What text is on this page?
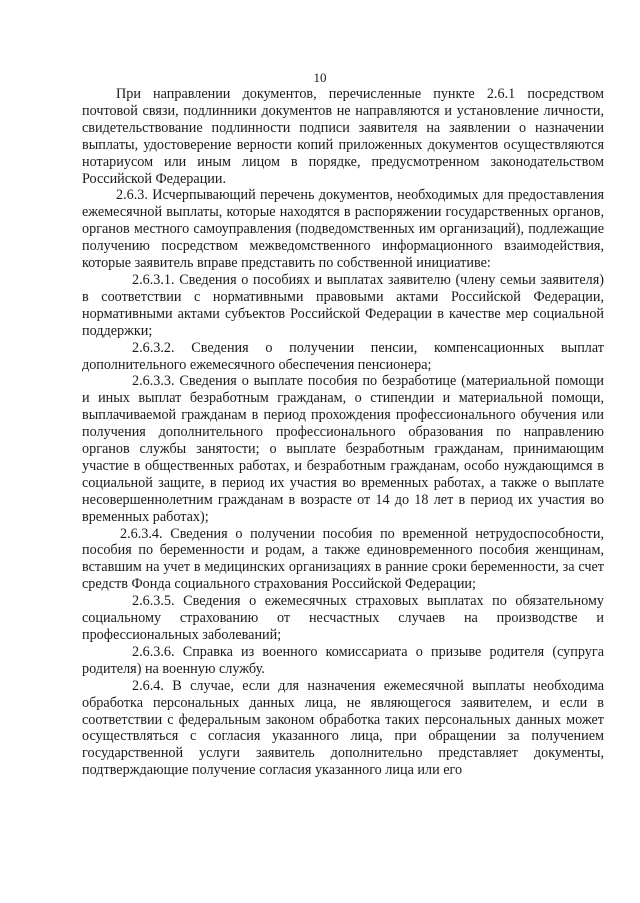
10

При направлении документов, перечисленные пункте 2.6.1 посредством почтовой связи, подлинники документов не направляются и установление личности, свидетельствование подлинности подписи заявителя на заявлении о назначении выплаты, удостоверение верности копий приложенных документов осуществляются нотариусом или иным лицом в порядке, предусмотренном законодательством Российской Федерации.

2.6.3. Исчерпывающий перечень документов, необходимых для предоставления ежемесячной выплаты, которые находятся в распоряжении государственных органов, органов местного самоуправления (подведомственных им организаций), подлежащие получению посредством межведомственного информационного взаимодействия, которые заявитель вправе представить по собственной инициативе:

2.6.3.1. Сведения о пособиях и выплатах заявителю (члену семьи заявителя) в соответствии с нормативными правовыми актами Российской Федерации, нормативными актами субъектов Российской Федерации в качестве мер социальной поддержки;

2.6.3.2. Сведения о получении пенсии, компенсационных выплат дополнительного ежемесячного обеспечения пенсионера;

2.6.3.3. Сведения о выплате пособия по безработице (материальной помощи и иных выплат безработным гражданам, о стипендии и материальной помощи, выплачиваемой гражданам в период прохождения профессионального обучения или получения дополнительного профессионального образования по направлению органов службы занятости; о выплате безработным гражданам, принимающим участие в общественных работах, и безработным гражданам, особо нуждающимся в социальной защите, в период их участия во временных работах, а также о выплате несовершеннолетним гражданам в возрасте от 14 до 18 лет в период их участия во временных работах);

2.6.3.4. Сведения о получении пособия по временной нетрудоспособности, пособия по беременности и родам, а также единовременного пособия женщинам, вставшим на учет в медицинских организациях в ранние сроки беременности, за счет средств Фонда социального страхования Российской Федерации;

2.6.3.5. Сведения о ежемесячных страховых выплатах по обязательному социальному страхованию от несчастных случаев на производстве и профессиональных заболеваний;

2.6.3.6. Справка из военного комиссариата о призыве родителя (супруга родителя) на военную службу.

2.6.4. В случае, если для назначения ежемесячной выплаты необходима обработка персональных данных лица, не являющегося заявителем, и если в соответствии с федеральным законом обработка таких персональных данных может осуществляться с согласия указанного лица, при обращении за получением государственной услуги заявитель дополнительно представляет документы, подтверждающие получение согласия указанного лица или его
